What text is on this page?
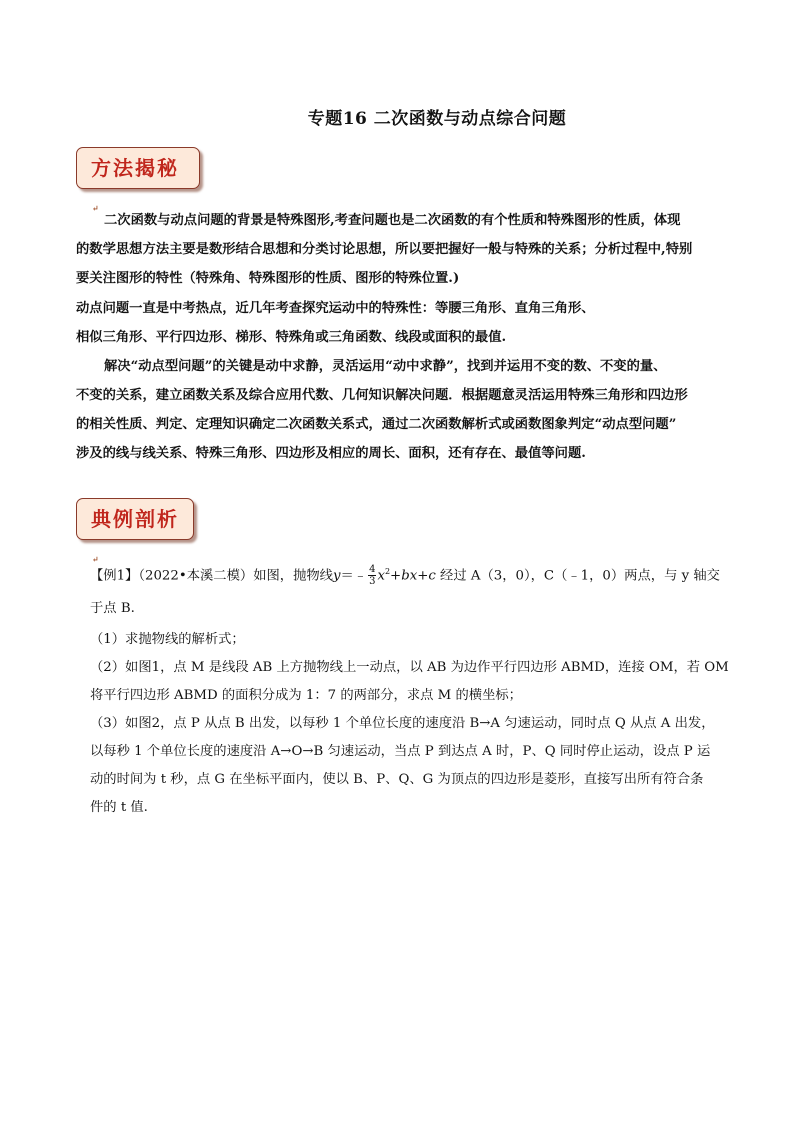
专题16 二次函数与动点综合问题
方法揭秘↵
二次函数与动点问题的背景是特殊图形,考查问题也是二次函数的有个性质和特殊图形的性质，体现
的数学思想方法主要是数形结合思想和分类讨论思想，所以要把握好一般与特殊的关系；分析过程中,特别
要关注图形的特性（特殊角、特殊图形的性质、图形的特殊位置.)
动点问题一直是中考热点，近几年考查探究运动中的特殊性：等腰三角形、直角三角形、
相似三角形、平行四边形、梯形、特殊角或三角函数、线段或面积的最值.
解决“动点型问题”的关键是动中求静，灵活运用“动中求静”，找到并运用不变的数、不变的量、
不变的关系，建立函数关系及综合应用代数、几何知识解决问题．根据题意灵活运用特殊三角形和四边形
的相关性质、判定、定理知识确定二次函数关系式，通过二次函数解析式或函数图象判定“动点型问题”
涉及的线与线关系、特殊三角形、四边形及相应的周长、面积，还有存在、最值等问题.
典例剖析↵
【例1】（2022•本溪二模）如图，抛物线y＝﹣ $\frac{4}{3} x^2+bx+c$ 经过 A（3，0），C（﹣1，0）两点，与 y 轴交
于点 B.
（1）求抛物线的解析式；
（2）如图1，点 M 是线段 AB 上方抛物线上一动点，以 AB 为边作平行四边形 ABMD，连接 OM，若 OM
将平行四边形 ABMD 的面积分成为 1：7 的两部分，求点 M 的横坐标；
（3）如图2，点 P 从点 B 出发，以每秒 1 个单位长度的速度沿 B→A 匀速运动，同时点 Q 从点 A 出发，
以每秒 1 个单位长度的速度沿 A→O→B 匀速运动，当点 P 到达点 A 时，P、Q 同时停止运动，设点 P 运
动的时间为 t 秒，点 G 在坐标平面内，使以 B、P、Q、G 为顶点的四边形是菱形，直接写出所有符合条
件的 t 值.
